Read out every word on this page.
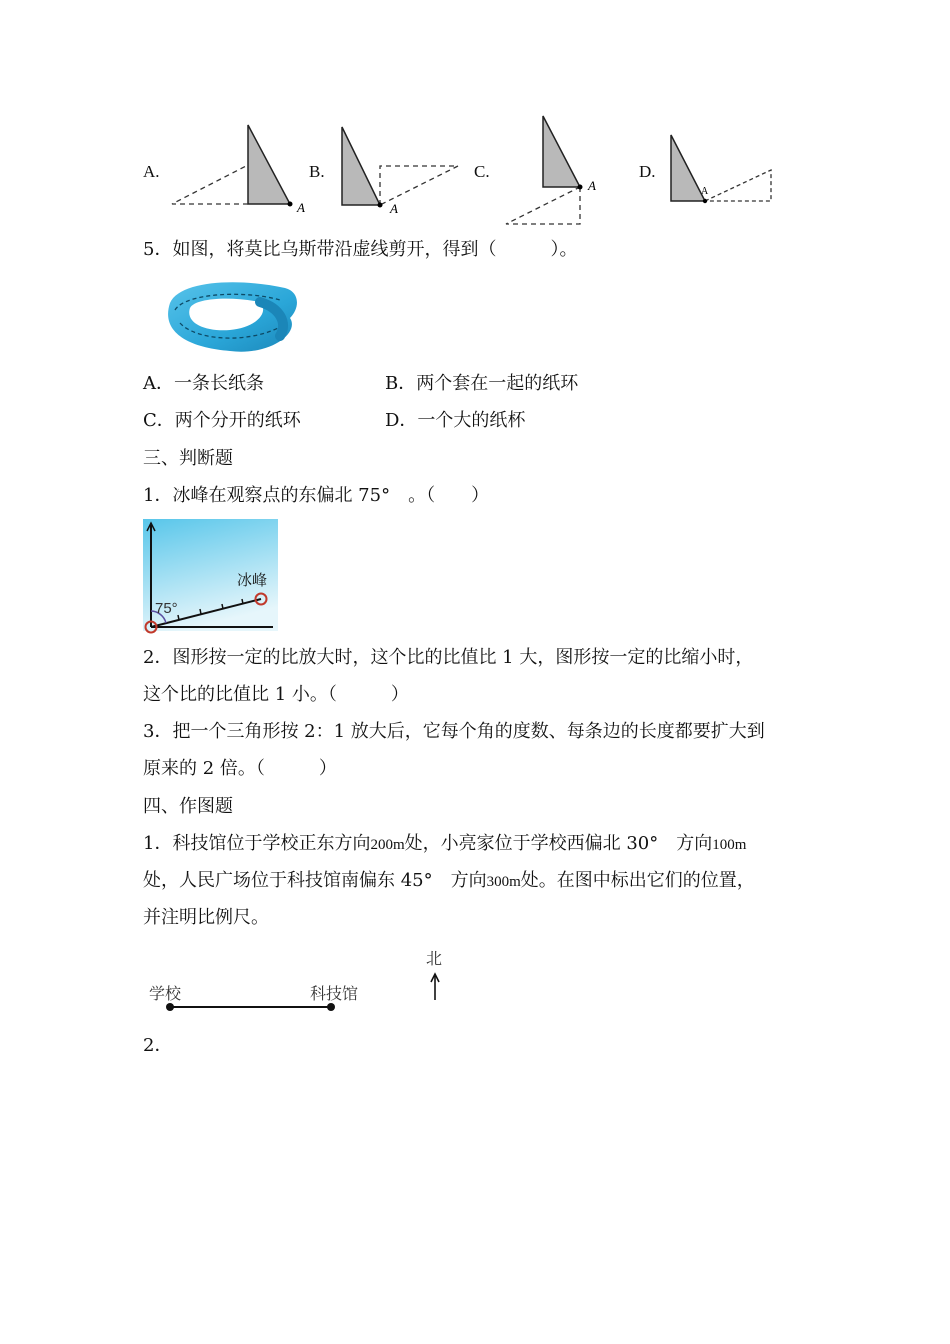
A.
A
B.
A
C.
A
D.
A
5．如图，将莫比乌斯带沿虚线剪开，得到（　　　）。
A．一条长纸条	B．两个套在一起的纸环
C．两个分开的纸环	D．一个大的纸杯
三、判断题
1．冰峰在观察点的东偏北 75°　。（　　）
75°
冰峰
2．图形按一定的比放大时，这个比的比值比 1 大，图形按一定的比缩小时，
这个比的比值比 1 小。（　　　）
3．把一个三角形按 2：1 放大后，它每个角的度数、每条边的长度都要扩大到
原来的 2 倍。（　　　）
四、作图题
1．科技馆位于学校正东方向200m处，小亮家位于学校西偏北 30°　方向100m
处，人民广场位于科技馆南偏东 45°　方向300m处。在图中标出它们的位置，
并注明比例尺。
学校	科技馆
北
2．
